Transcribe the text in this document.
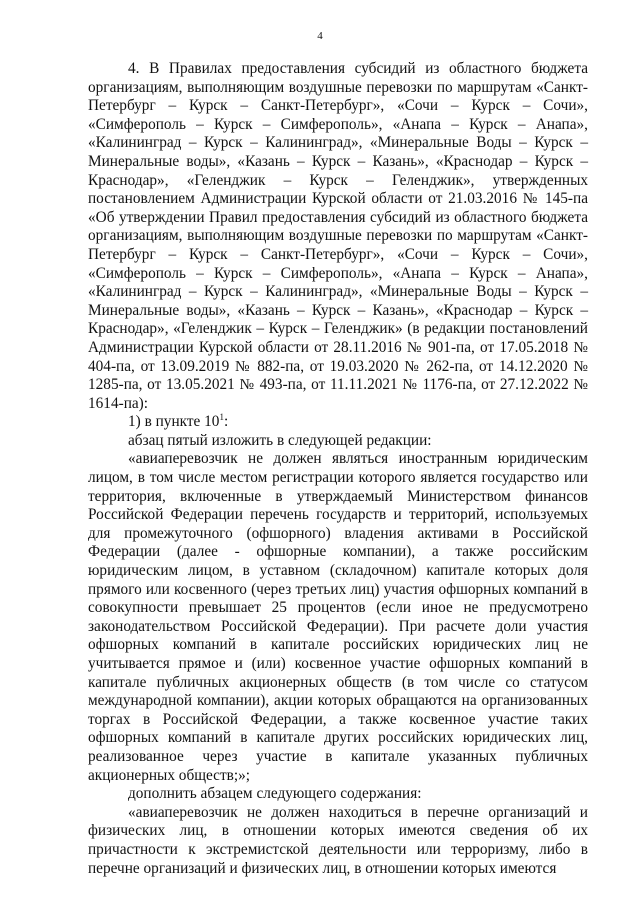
4

4. В Правилах предоставления субсидий из областного бюджета организациям, выполняющим воздушные перевозки по маршрутам «Санкт-Петербург – Курск – Санкт-Петербург», «Сочи – Курск – Сочи», «Симферополь – Курск – Симферополь», «Анапа – Курск – Анапа», «Калининград – Курск – Калининград», «Минеральные Воды – Курск – Минеральные воды», «Казань – Курск – Казань», «Краснодар – Курск – Краснодар», «Геленджик – Курск – Геленджик», утвержденных постановлением Администрации Курской области от 21.03.2016 № 145-па «Об утверждении Правил предоставления субсидий из областного бюджета организациям, выполняющим воздушные перевозки по маршрутам «Санкт-Петербург – Курск – Санкт-Петербург», «Сочи – Курск – Сочи», «Симферополь – Курск – Симферополь», «Анапа – Курск – Анапа», «Калининград – Курск – Калининград», «Минеральные Воды – Курск – Минеральные воды», «Казань – Курск – Казань», «Краснодар – Курск – Краснодар», «Геленджик – Курск – Геленджик» (в редакции постановлений Администрации Курской области от 28.11.2016 № 901-па, от 17.05.2018 № 404-па, от 13.09.2019 № 882-па, от 19.03.2020 № 262-па, от 14.12.2020 № 1285-па, от 13.05.2021 № 493-па, от 11.11.2021 № 1176-па, от 27.12.2022 № 1614-па):

1) в пункте $10^1$:

абзац пятый изложить в следующей редакции:

«авиаперевозчик не должен являться иностранным юридическим лицом, в том числе местом регистрации которого является государство или территория, включенные в утверждаемый Министерством финансов Российской Федерации перечень государств и территорий, используемых для промежуточного (офшорного) владения активами в Российской Федерации (далее - офшорные компании), а также российским юридическим лицом, в уставном (складочном) капитале которых доля прямого или косвенного (через третьих лиц) участия офшорных компаний в совокупности превышает 25 процентов (если иное не предусмотрено законодательством Российской Федерации). При расчете доли участия офшорных компаний в капитале российских юридических лиц не учитывается прямое и (или) косвенное участие офшорных компаний в капитале публичных акционерных обществ (в том числе со статусом международной компании), акции которых обращаются на организованных торгах в Российской Федерации, а также косвенное участие таких офшорных компаний в капитале других российских юридических лиц, реализованное через участие в капитале указанных публичных акционерных обществ;»;

дополнить абзацем следующего содержания:

«авиаперевозчик не должен находиться в перечне организаций и физических лиц, в отношении которых имеются сведения об их причастности к экстремистской деятельности или терроризму, либо в перечне организаций и физических лиц, в отношении которых имеются
